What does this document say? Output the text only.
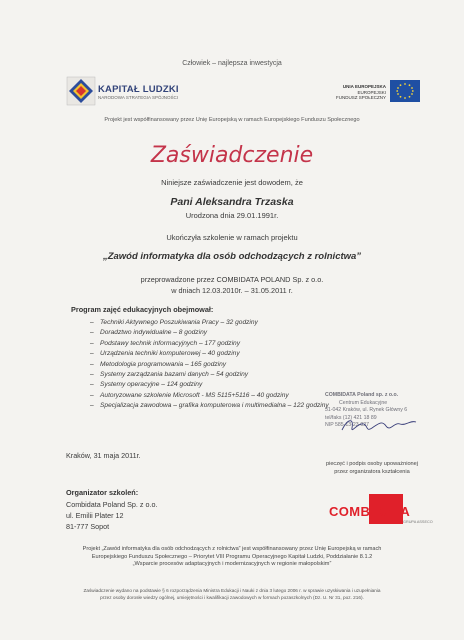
Człowiek – najlepsza inwestycja
KAPITAŁ LUDZKI
NARODOWA STRATEGIA SPÓJNOŚCI
UNIA EUROPEJSKA
EUROPEJSKI
FUNDUSZ SPOŁECZNY
Projekt jest współfinansowany przez Unię Europejską w ramach Europejskiego Funduszu Społecznego
Zaświadczenie
Niniejsze zaświadczenie jest dowodem, że
Pani Aleksandra Trzaska
Urodzona dnia 29.01.1991r.
Ukończyła szkolenie w ramach projektu
„Zawód informatyka dla osób odchodzących z rolnictwa”
przeprowadzone przez COMBIDATA POLAND Sp. z o.o.
w dniach 12.03.2010r. – 31.05.2011 r.
Program zajęć edukacyjnych obejmował:
– Techniki Aktywnego Poszukiwania Pracy – 32 godziny
– Doradztwo indywidualne – 8 godziny
– Podstawy technik informacyjnych – 177 godziny
– Urządzenia techniki komputerowej – 40 godziny
– Metodologia programowania – 165 godziny
– Systemy zarządzania bazami danych – 54 godziny
– Systemy operacyjne – 124 godziny
– Autoryzowane szkolenie Microsoft - MS 5115+5116 – 40 godziny
– Specjalizacja zawodowa – grafika komputerowa i multimedialna – 122 godziny
COMBIDATA Poland sp. z o.o.
Centrum Edukacyjne
31-042 Kraków, ul. Rynek Główny 6
tel/faks (12) 421 18 89
NIP 585-13-23-027
Kraków, 31 maja 2011r.
pieczęć i podpis osoby upoważnionej
przez organizatora kształcenia
Organizator szkoleń:
Combidata Poland Sp. z o.o.
ul. Emilii Plater 12
81-777 Sopot
COMBIDATA
GRUPA ASSECO
Projekt „Zawód informatyka dla osób odchodzących z rolnictwa” jest współfinansowany przez Unię Europejską w ramach
Europejskiego Funduszu Społecznego – Priorytet VIII Programu Operacyjnego Kapitał Ludzki, Poddziałanie 8.1.2
„Wsparcie procesów adaptacyjnych i modernizacyjnych w regionie małopolskim”
Zaświadczenie wydano na podstawie § 6 rozporządzenia Ministra Edukacji i Nauki z dnia 3 lutego 2006 r. w sprawie uzyskiwania i uzupełniania
przez osoby dorosłe wiedzy ogólnej, umiejętności i kwalifikacji zawodowych w formach pozaszkolnych (Dz. U. Nr 31, poz. 216).
